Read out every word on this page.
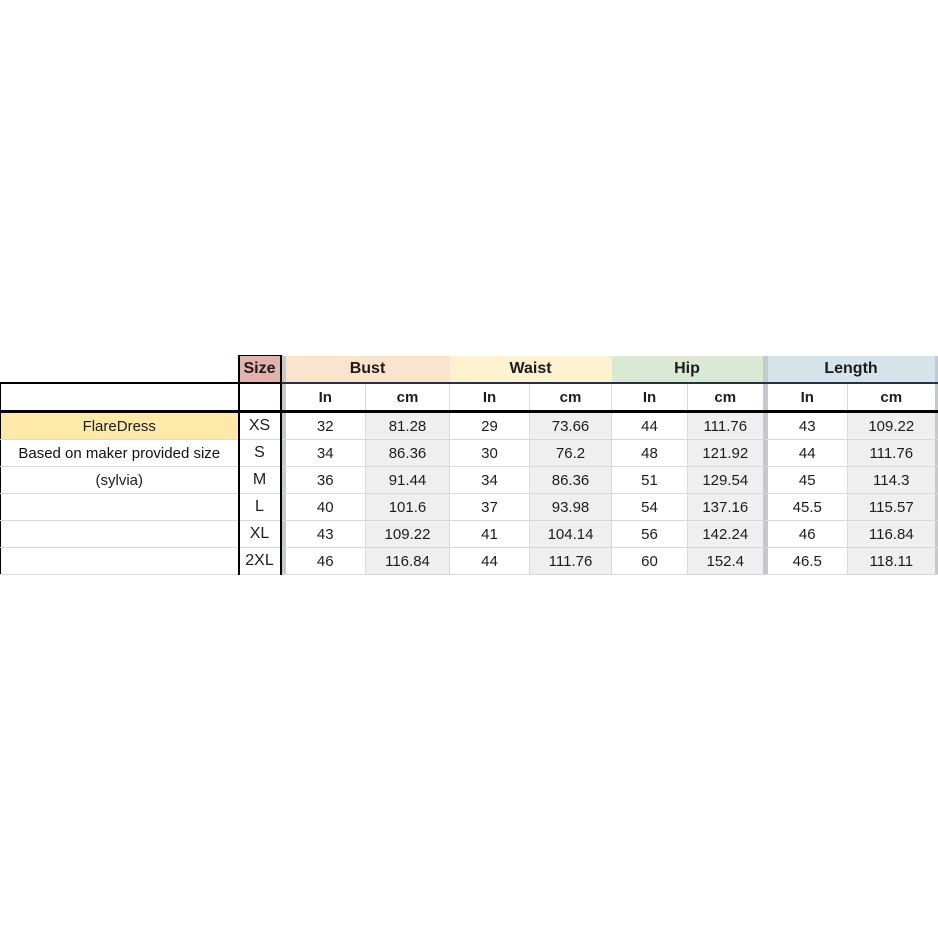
	Size		Bust		Waist		Hip			Length		
			In	cm	In	cm	In	cm		In	cm	
FlareDress	XS		32	81.28	29	73.66	44	111.76		43	109.22	
Based on maker provided size	S		34	86.36	30	76.2	48	121.92		44	111.76	
(sylvia)	M		36	91.44	34	86.36	51	129.54		45	114.3	
	L		40	101.6	37	93.98	54	137.16		45.5	115.57	
	XL		43	109.22	41	104.14	56	142.24		46	116.84	
	2XL		46	116.84	44	111.76	60	152.4		46.5	118.11	
